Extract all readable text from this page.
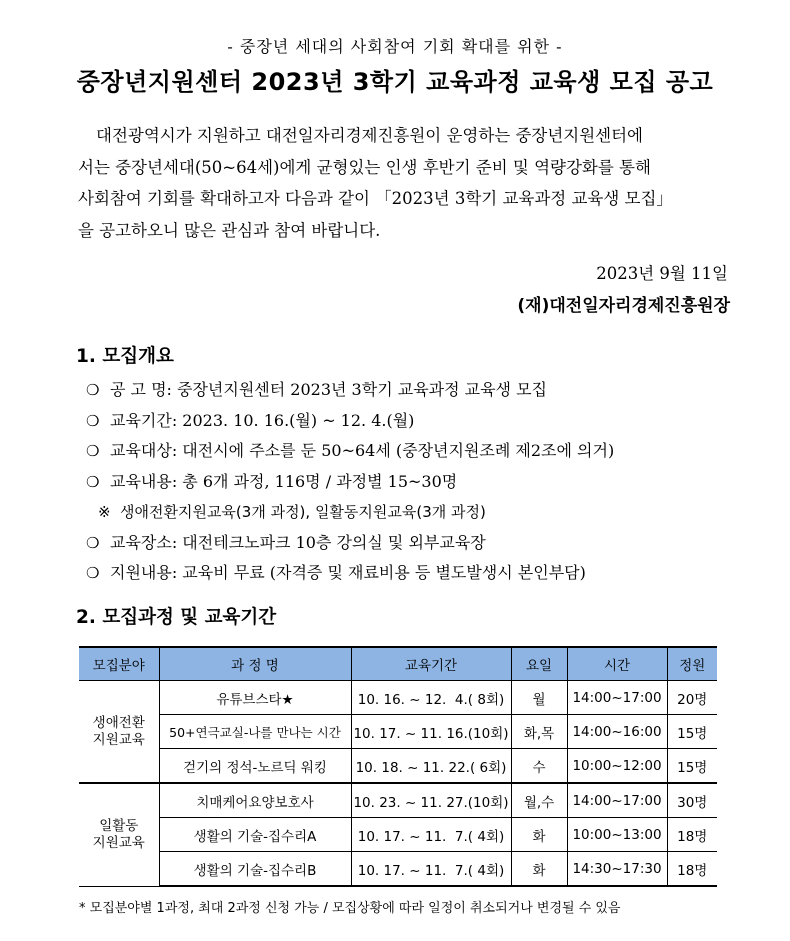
- 중장년 세대의 사회참여 기회 확대를 위한 -
중장년지원센터 2023년 3학기 교육과정 교육생 모집 공고
대전광역시가 지원하고 대전일자리경제진흥원이 운영하는 중장년지원센터에
서는 중장년세대(50~64세)에게 균형있는 인생 후반기 준비 및 역량강화를 통해
사회참여 기회를 확대하고자 다음과 같이 「2023년 3학기 교육과정 교육생 모집」
을 공고하오니 많은 관심과 참여 바랍니다.
2023년 9월 11일
(재)대전일자리경제진흥원장
1. 모집개요
❍ 공 고 명: 중장년지원센터 2023년 3학기 교육과정 교육생 모집
❍ 교육기간: 2023. 10. 16.(월) ~ 12. 4.(월)
❍ 교육대상: 대전시에 주소를 둔 50~64세 (중장년지원조례 제2조에 의거)
❍ 교육내용: 총 6개 과정, 116명 / 과정별 15~30명
※ 생애전환지원교육(3개 과정), 일활동지원교육(3개 과정)
❍ 교육장소: 대전테크노파크 10층 강의실 및 외부교육장
❍ 지원내용: 교육비 무료 (자격증 및 재료비용 등 별도발생시 본인부담)
2. 모집과정 및 교육기간
모집분야	과 정 명	교육기간	요일	시간	정원
생애전환
지원교육	유튜브스타★	10. 16. ~ 12.  4.( 8회)	월	14:00~17:00	20명
	50+연극교실-나를 만나는 시간	10. 17. ~ 11. 16.(10회)	화,목	14:00~16:00	15명
	걷기의 정석-노르딕 워킹	10. 18. ~ 11. 22.( 6회)	수	10:00~12:00	15명
일활동
지원교육	치매케어요양보호사	10. 23. ~ 11. 27.(10회)	월,수	14:00~17:00	30명
	생활의 기술-집수리A	10. 17. ~ 11.  7.( 4회)	화	10:00~13:00	18명
	생활의 기술-집수리B	10. 17. ~ 11.  7.( 4회)	화	14:30~17:30	18명
* 모집분야별 1과정, 최대 2과정 신청 가능 / 모집상황에 따라 일정이 취소되거나 변경될 수 있음
